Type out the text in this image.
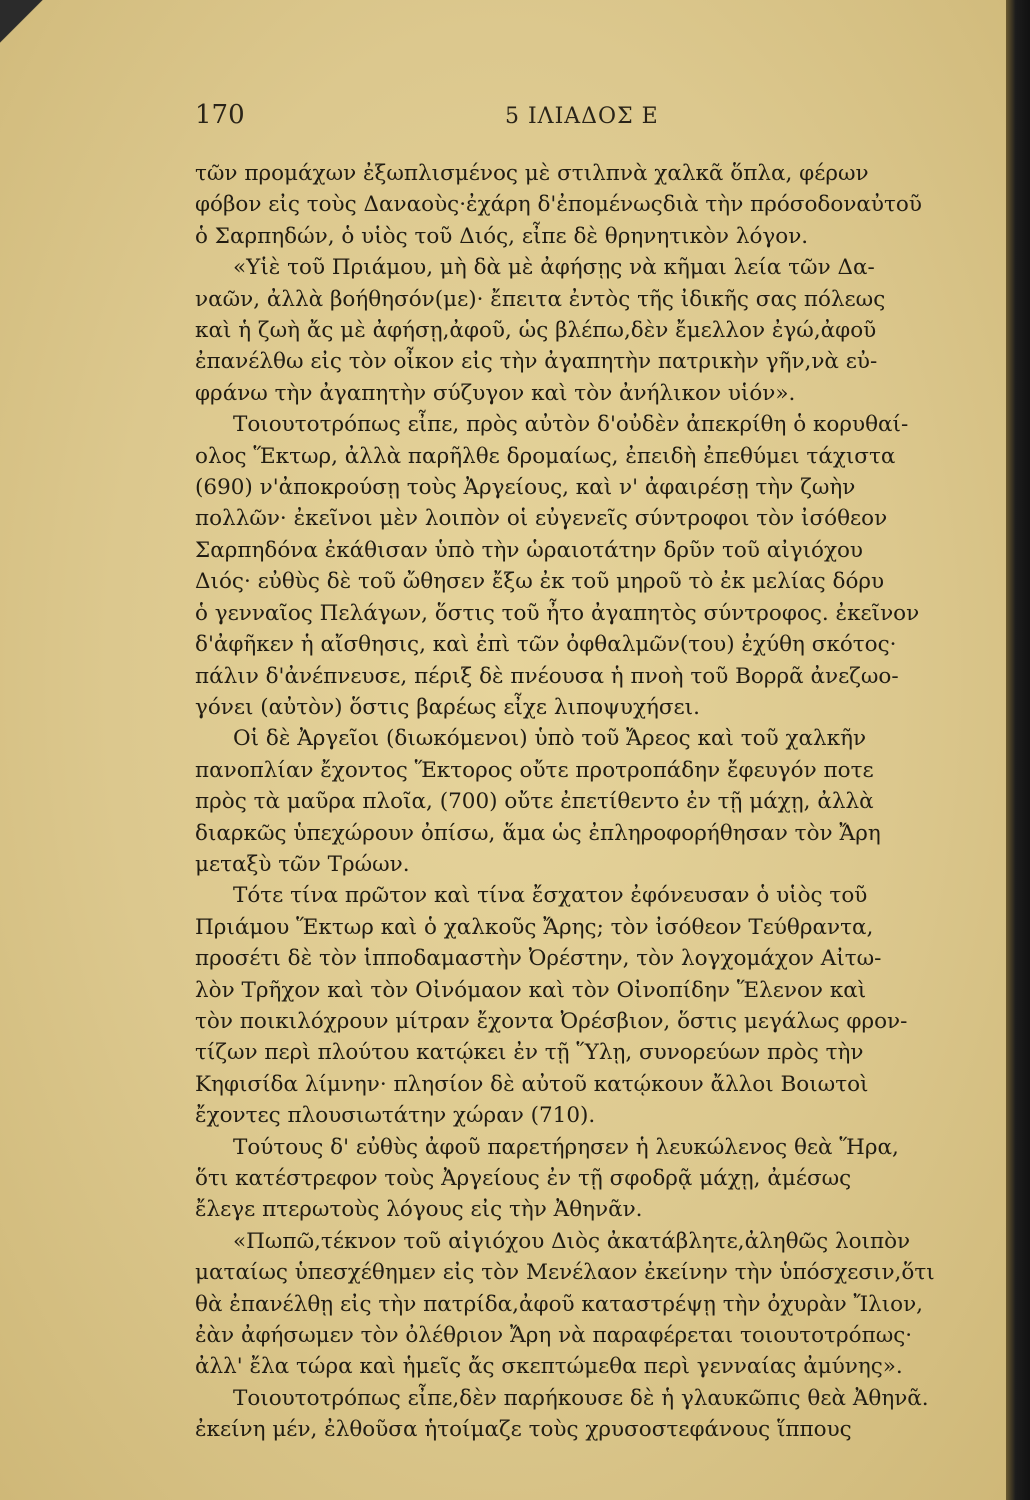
170	5 ΙΛΙΑΔΟΣ Ε
τῶν προμάχων ἐξωπλισμένος μὲ στιλπνὰ χαλκᾶ ὅπλα, φέρων
φόβον εἰς τοὺς Δαναοὺς·ἐχάρη δ'ἐπομένωςδιὰ τὴν πρόσοδοναὐτοῦ
ὁ Σαρπηδών, ὁ υἱὸς τοῦ Διός, εἶπε δὲ θρηνητικὸν λόγον.
«Υἱὲ τοῦ Πριάμου, μὴ δὰ μὲ ἀφήσῃς νὰ κῆμαι λεία τῶν Δα-
ναῶν, ἀλλὰ βοήθησόν(με)· ἔπειτα ἐντὸς τῆς ἰδικῆς σας πόλεως
καὶ ἡ ζωὴ ἄς μὲ ἀφήσῃ,ἀφοῦ, ὡς βλέπω,δὲν ἔμελλον ἐγώ,ἀφοῦ
ἐπανέλθω εἰς τὸν οἶκον εἰς τὴν ἀγαπητὴν πατρικὴν γῆν,νὰ εὐ-
φράνω τὴν ἀγαπητὴν σύζυγον καὶ τὸν ἀνήλικον υἱόν».
Τοιουτοτρόπως εἶπε, πρὸς αὐτὸν δ'οὐδὲν ἀπεκρίθη ὁ κορυθαί-
ολος Ἕκτωρ, ἀλλὰ παρῆλθε δρομαίως, ἐπειδὴ ἐπεθύμει τάχιστα
(690) ν'ἀποκρούσῃ τοὺς Ἀργείους, καὶ ν' ἀφαιρέσῃ τὴν ζωὴν
πολλῶν· ἐκεῖνοι μὲν λοιπὸν οἱ εὐγενεῖς σύντροφοι τὸν ἰσόθεον
Σαρπηδόνα ἐκάθισαν ὑπὸ τὴν ὡραιοτάτην δρῦν τοῦ αἰγιόχου
Διός· εὐθὺς δὲ τοῦ ὤθησεν ἔξω ἐκ τοῦ μηροῦ τὸ ἐκ μελίας δόρυ
ὁ γενναῖος Πελάγων, ὅστις τοῦ ἦτο ἀγαπητὸς σύντροφος. ἐκεῖνον
δ'ἀφῆκεν ἡ αἴσθησις, καὶ ἐπὶ τῶν ὀφθαλμῶν(του) ἐχύθη σκότος·
πάλιν δ'ἀνέπνευσε, πέριξ δὲ πνέουσα ἡ πνοὴ τοῦ Βορρᾶ ἀνεζωο-
γόνει (αὐτὸν) ὅστις βαρέως εἶχε λιποψυχήσει.
Οἱ δὲ Ἀργεῖοι (διωκόμενοι) ὑπὸ τοῦ Ἄρεος καὶ τοῦ χαλκῆν
πανοπλίαν ἔχοντος Ἕκτορος οὔτε προτροπάδην ἔφευγόν ποτε
πρὸς τὰ μαῦρα πλοῖα, (700) οὔτε ἐπετίθεντο ἐν τῇ μάχῃ, ἀλλὰ
διαρκῶς ὑπεχώρουν ὀπίσω, ἅμα ὡς ἐπληροφορήθησαν τὸν Ἄρη
μεταξὺ τῶν Τρώων.
Τότε τίνα πρῶτον καὶ τίνα ἔσχατον ἐφόνευσαν ὁ υἱὸς τοῦ
Πριάμου Ἕκτωρ καὶ ὁ χαλκοῦς Ἄρης; τὸν ἰσόθεον Τεύθραντα,
προσέτι δὲ τὸν ἱπποδαμαστὴν Ὀρέστην, τὸν λογχομάχον Αἰτω-
λὸν Τρῆχον καὶ τὸν Οἰνόμαον καὶ τὸν Οἰνοπίδην Ἕλενον καὶ
τὸν ποικιλόχρουν μίτραν ἔχοντα Ὀρέσβιον, ὅστις μεγάλως φρον-
τίζων περὶ πλούτου κατῴκει ἐν τῇ Ὕλῃ, συνορεύων πρὸς τὴν
Κηφισίδα λίμνην· πλησίον δὲ αὐτοῦ κατῴκουν ἄλλοι Βοιωτοὶ
ἔχοντες πλουσιωτάτην χώραν (710).
Τούτους δ' εὐθὺς ἀφοῦ παρετήρησεν ἡ λευκώλενος θεὰ Ἥρα,
ὅτι κατέστρεφον τοὺς Ἀργείους ἐν τῇ σφοδρᾷ μάχῃ, ἀμέσως
ἔλεγε πτερωτοὺς λόγους εἰς τὴν Ἀθηνᾶν.
«Πωπῶ,τέκνον τοῦ αἰγιόχου Διὸς ἀκατάβλητε,ἀληθῶς λοιπὸν
ματαίως ὑπεσχέθημεν εἰς τὸν Μενέλαον ἐκείνην τὴν ὑπόσχεσιν,ὅτι
θὰ ἐπανέλθῃ εἰς τὴν πατρίδα,ἀφοῦ καταστρέψῃ τὴν ὀχυρὰν Ἴλιον,
ἐὰν ἀφήσωμεν τὸν ὀλέθριον Ἄρη νὰ παραφέρεται τοιουτοτρόπως·
ἀλλ' ἔλα τώρα καὶ ἡμεῖς ἄς σκεπτώμεθα περὶ γενναίας ἀμύνης».
Τοιουτοτρόπως εἶπε,δὲν παρήκουσε δὲ ἡ γλαυκῶπις θεὰ Ἀθηνᾶ.
ἐκείνη μέν, ἐλθοῦσα ἡτοίμαζε τοὺς χρυσοστεφάνους ἵππους
